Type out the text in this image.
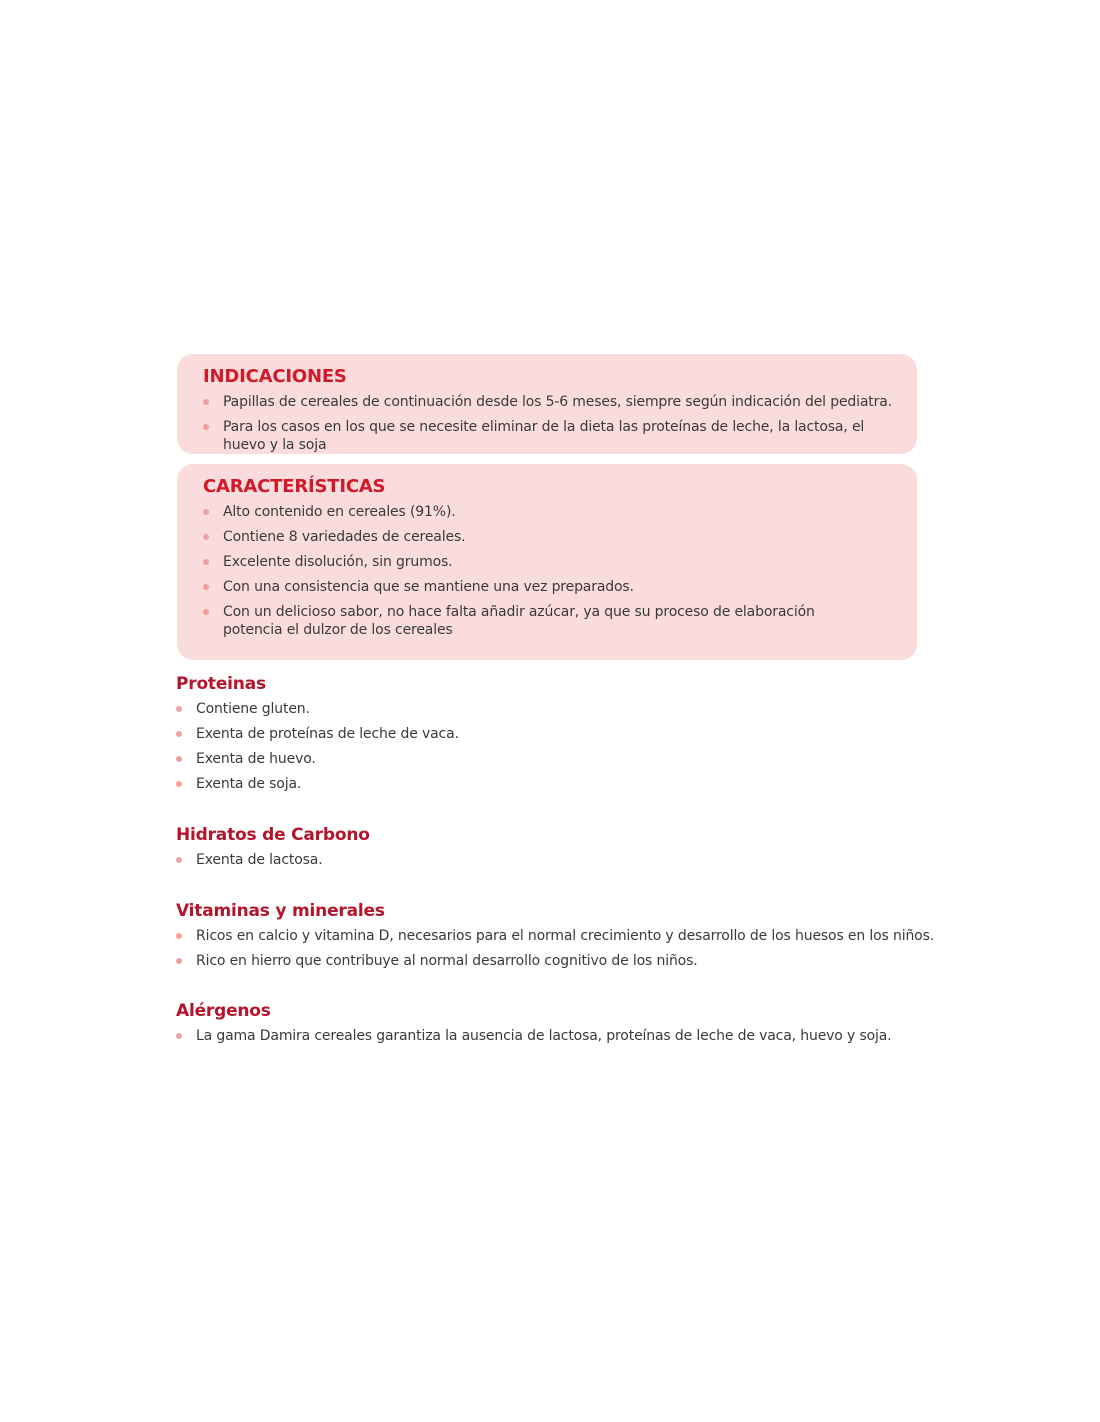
INDICACIONES
Papillas de cereales de continuación desde los 5-6 meses, siempre según indicación del pediatra.
Para los casos en los que se necesite eliminar de la dieta las proteínas de leche, la lactosa, el huevo y la soja
CARACTERÍSTICAS
Alto contenido en cereales (91%).
Contiene 8 variedades de cereales.
Excelente disolución, sin grumos.
Con una consistencia que se mantiene una vez preparados.
Con un delicioso sabor, no hace falta añadir azúcar, ya que su proceso de elaboración potencia el dulzor de los cereales
Proteinas
Contiene gluten.
Exenta de proteínas de leche de vaca.
Exenta de huevo.
Exenta de soja.
Hidratos de Carbono
Exenta de lactosa.
Vitaminas y minerales
Ricos en calcio y vitamina D, necesarios para el normal crecimiento y desarrollo de los huesos en los niños.
Rico en hierro que contribuye al normal desarrollo cognitivo de los niños.
Alérgenos
La gama Damira cereales garantiza la ausencia de lactosa, proteínas de leche de vaca, huevo y soja.
